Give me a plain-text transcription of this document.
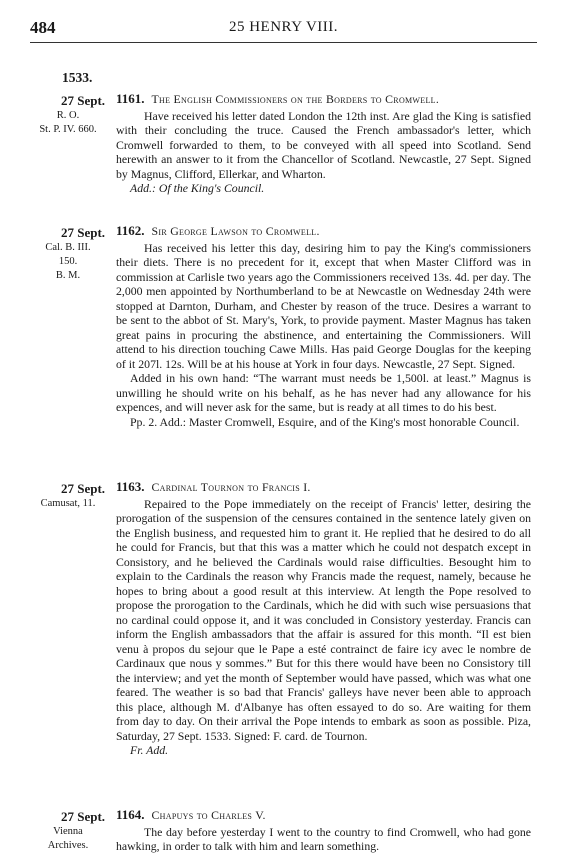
484	25 HENRY VIII.
1533.
27 Sept.
R. O.
St. P. IV. 660.
1161. The English Commissioners on the Borders to Cromwell.

Have received his letter dated London the 12th inst. Are glad the King is satisfied with their concluding the truce. Caused the French ambassador's letter, which Cromwell forwarded to them, to be conveyed with all speed into Scotland. Send herewith an answer to it from the Chancellor of Scotland. Newcastle, 27 Sept. Signed by Magnus, Clifford, Ellerkar, and Wharton.

Add.: Of the King's Council.

27 Sept.
Cal. B. III.
150.
B. M.
1162. Sir George Lawson to Cromwell.

Has received his letter this day, desiring him to pay the King's commissioners their diets. There is no precedent for it, except that when Master Clifford was in commission at Carlisle two years ago the Commissioners received 13s. 4d. per day. The 2,000 men appointed by Northumberland to be at Newcastle on Wednesday 24th were stopped at Darnton, Durham, and Chester by reason of the truce. Desires a warrant to be sent to the abbot of St. Mary's, York, to provide payment. Master Magnus has taken great pains in procuring the abstinence, and entertaining the Commissioners. Will attend to his direction touching Cawe Mills. Has paid George Douglas for the keeping of it 207l. 12s. Will be at his house at York in four days. Newcastle, 27 Sept. Signed.

Added in his own hand: “The warrant must needs be 1,500l. at least.” Magnus is unwilling he should write on his behalf, as he has never had any allowance for his expences, and will never ask for the same, but is ready at all times to do his best.

Pp. 2. Add.: Master Cromwell, Esquire, and of the King's most honorable Council.

27 Sept.
Camusat, 11.
1163. Cardinal Tournon to Francis I.

Repaired to the Pope immediately on the receipt of Francis' letter, desiring the prorogation of the suspension of the censures contained in the sentence lately given on the English business, and requested him to grant it. He replied that he desired to do all he could for Francis, but that this was a matter which he could not despatch except in Consistory, and he believed the Cardinals would raise difficulties. Besought him to explain to the Cardinals the reason why Francis made the request, namely, because he hopes to bring about a good result at this interview. At length the Pope resolved to propose the prorogation to the Cardinals, which he did with such wise persuasions that no cardinal could oppose it, and it was concluded in Consistory yesterday. Francis can inform the English ambassadors that the affair is assured for this month. “Il est bien venu à propos du sejour que le Pape a esté contrainct de faire icy avec le nombre de Cardinaux que nous y sommes.” But for this there would have been no Consistory till the interview; and yet the month of September would have passed, which was what one feared. The weather is so bad that Francis' galleys have never been able to approach this place, although M. d'Albanye has often essayed to do so. Are waiting for them from day to day. On their arrival the Pope intends to embark as soon as possible. Piza, Saturday, 27 Sept. 1533. Signed: F. card. de Tournon.

Fr. Add.

27 Sept.
Vienna
Archives.
1164. Chapuys to Charles V.

The day before yesterday I went to the country to find Cromwell, who had gone hawking, in order to talk with him and learn something.
